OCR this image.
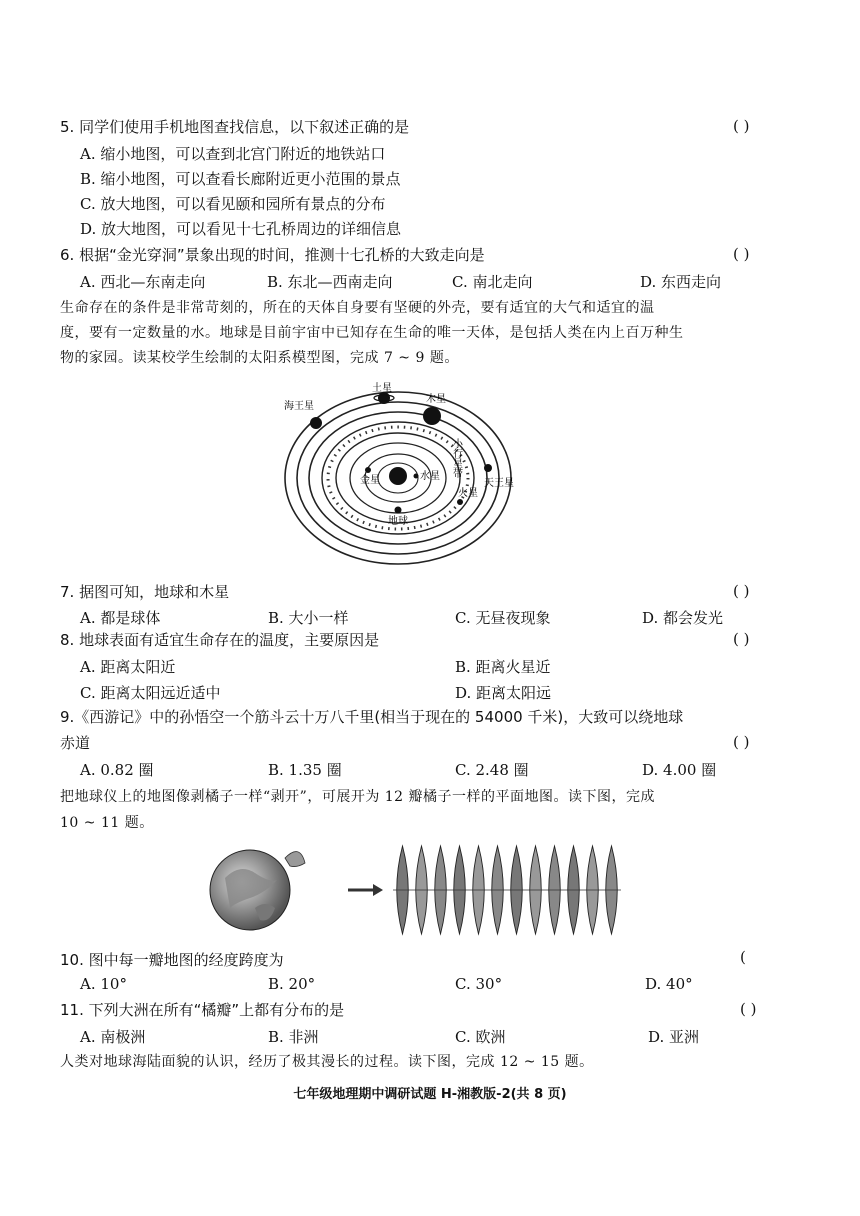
5. 同学们使用手机地图查找信息，以下叙述正确的是	( )
A. 缩小地图，可以查到北宫门附近的地铁站口
B. 缩小地图，可以查看长廊附近更小范围的景点
C. 放大地图，可以看见颐和园所有景点的分布
D. 放大地图，可以看见十七孔桥周边的详细信息
6. 根据“金光穿洞”景象出现的时间，推测十七孔桥的大致走向是	( )
A. 西北—东南走向	B. 东北—西南走向	C. 南北走向	D. 东西走向
生命存在的条件是非常苛刻的，所在的天体自身要有坚硬的外壳，要有适宜的大气和适宜的温
度，要有一定数量的水。地球是目前宇宙中已知存在生命的唯一天体，是包括人类在内上百万种生
物的家园。读某校学生绘制的太阳系模型图，完成 7 ~ 9 题。
海王星
土星
木星
小行星带
金星	水星
天王星
火星
地球
7. 据图可知，地球和木星	( )
A. 都是球体	B. 大小一样	C. 无昼夜现象	D. 都会发光
8. 地球表面有适宜生命存在的温度，主要原因是	( )
A. 距离太阳近	B. 距离火星近
C. 距离太阳远近适中	D. 距离太阳远
9.《西游记》中的孙悟空一个筋斗云十万八千里(相当于现在的 54000 千米)，大致可以绕地球
赤道	( )
A. 0.82 圈	B. 1.35 圈	C. 2.48 圈	D. 4.00 圈
把地球仪上的地图像剥橘子一样“剥开”，可展开为 12 瓣橘子一样的平面地图。读下图，完成
10 ~ 11 题。
10. 图中每一瓣地图的经度跨度为	(
A. 10°	B. 20°	C. 30°	D. 40°
11. 下列大洲在所有“橘瓣”上都有分布的是	( )
A. 南极洲	B. 非洲	C. 欧洲	D. 亚洲
人类对地球海陆面貌的认识，经历了极其漫长的过程。读下图，完成 12 ~ 15 题。
七年级地理期中调研试题 H-湘教版-2(共 8 页)
